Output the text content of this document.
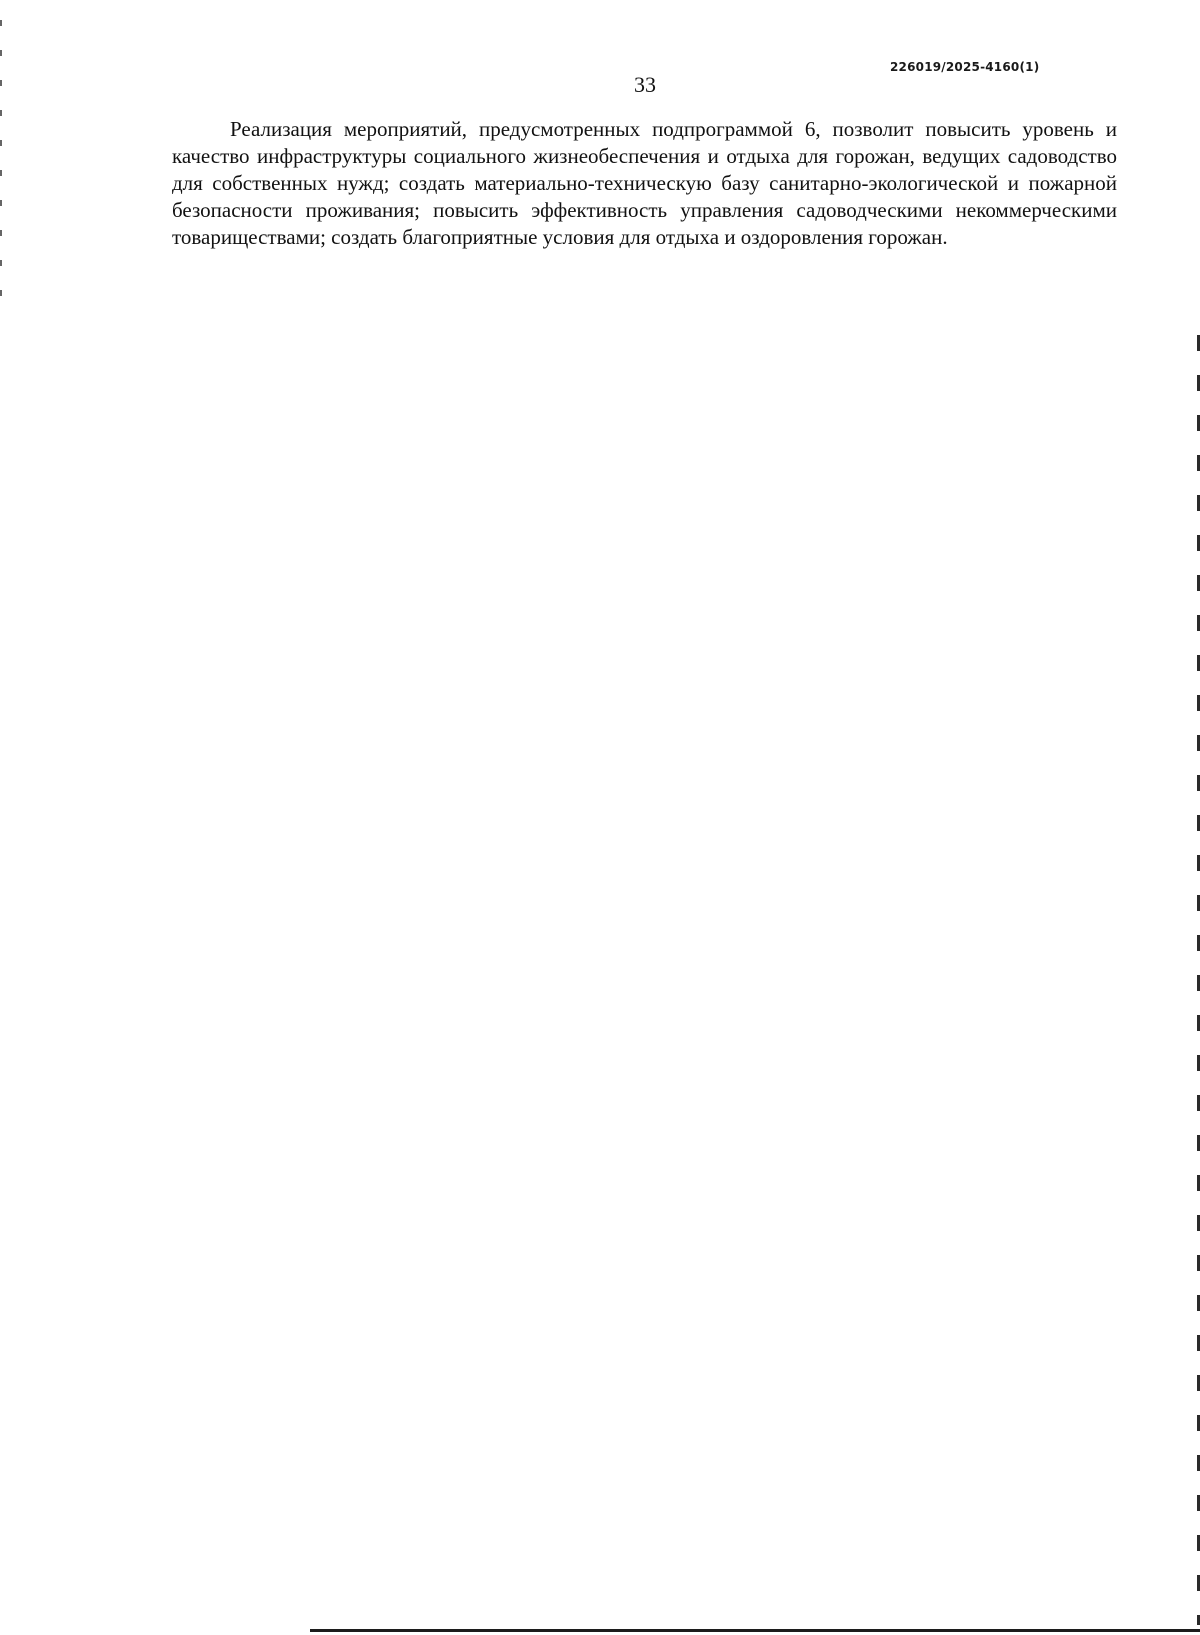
226019/2025-4160(1)
33

Реализация мероприятий, предусмотренных подпрограммой 6, позволит повысить уровень и качество инфраструктуры социального жизнеобеспечения и отдыха для горожан, ведущих садоводство для собственных нужд; создать материально-техническую базу санитарно-экологической и пожарной безопасности проживания; повысить эффективность управления садоводческими некоммерческими товариществами; создать благоприятные условия для отдыха и оздоровления горожан.
